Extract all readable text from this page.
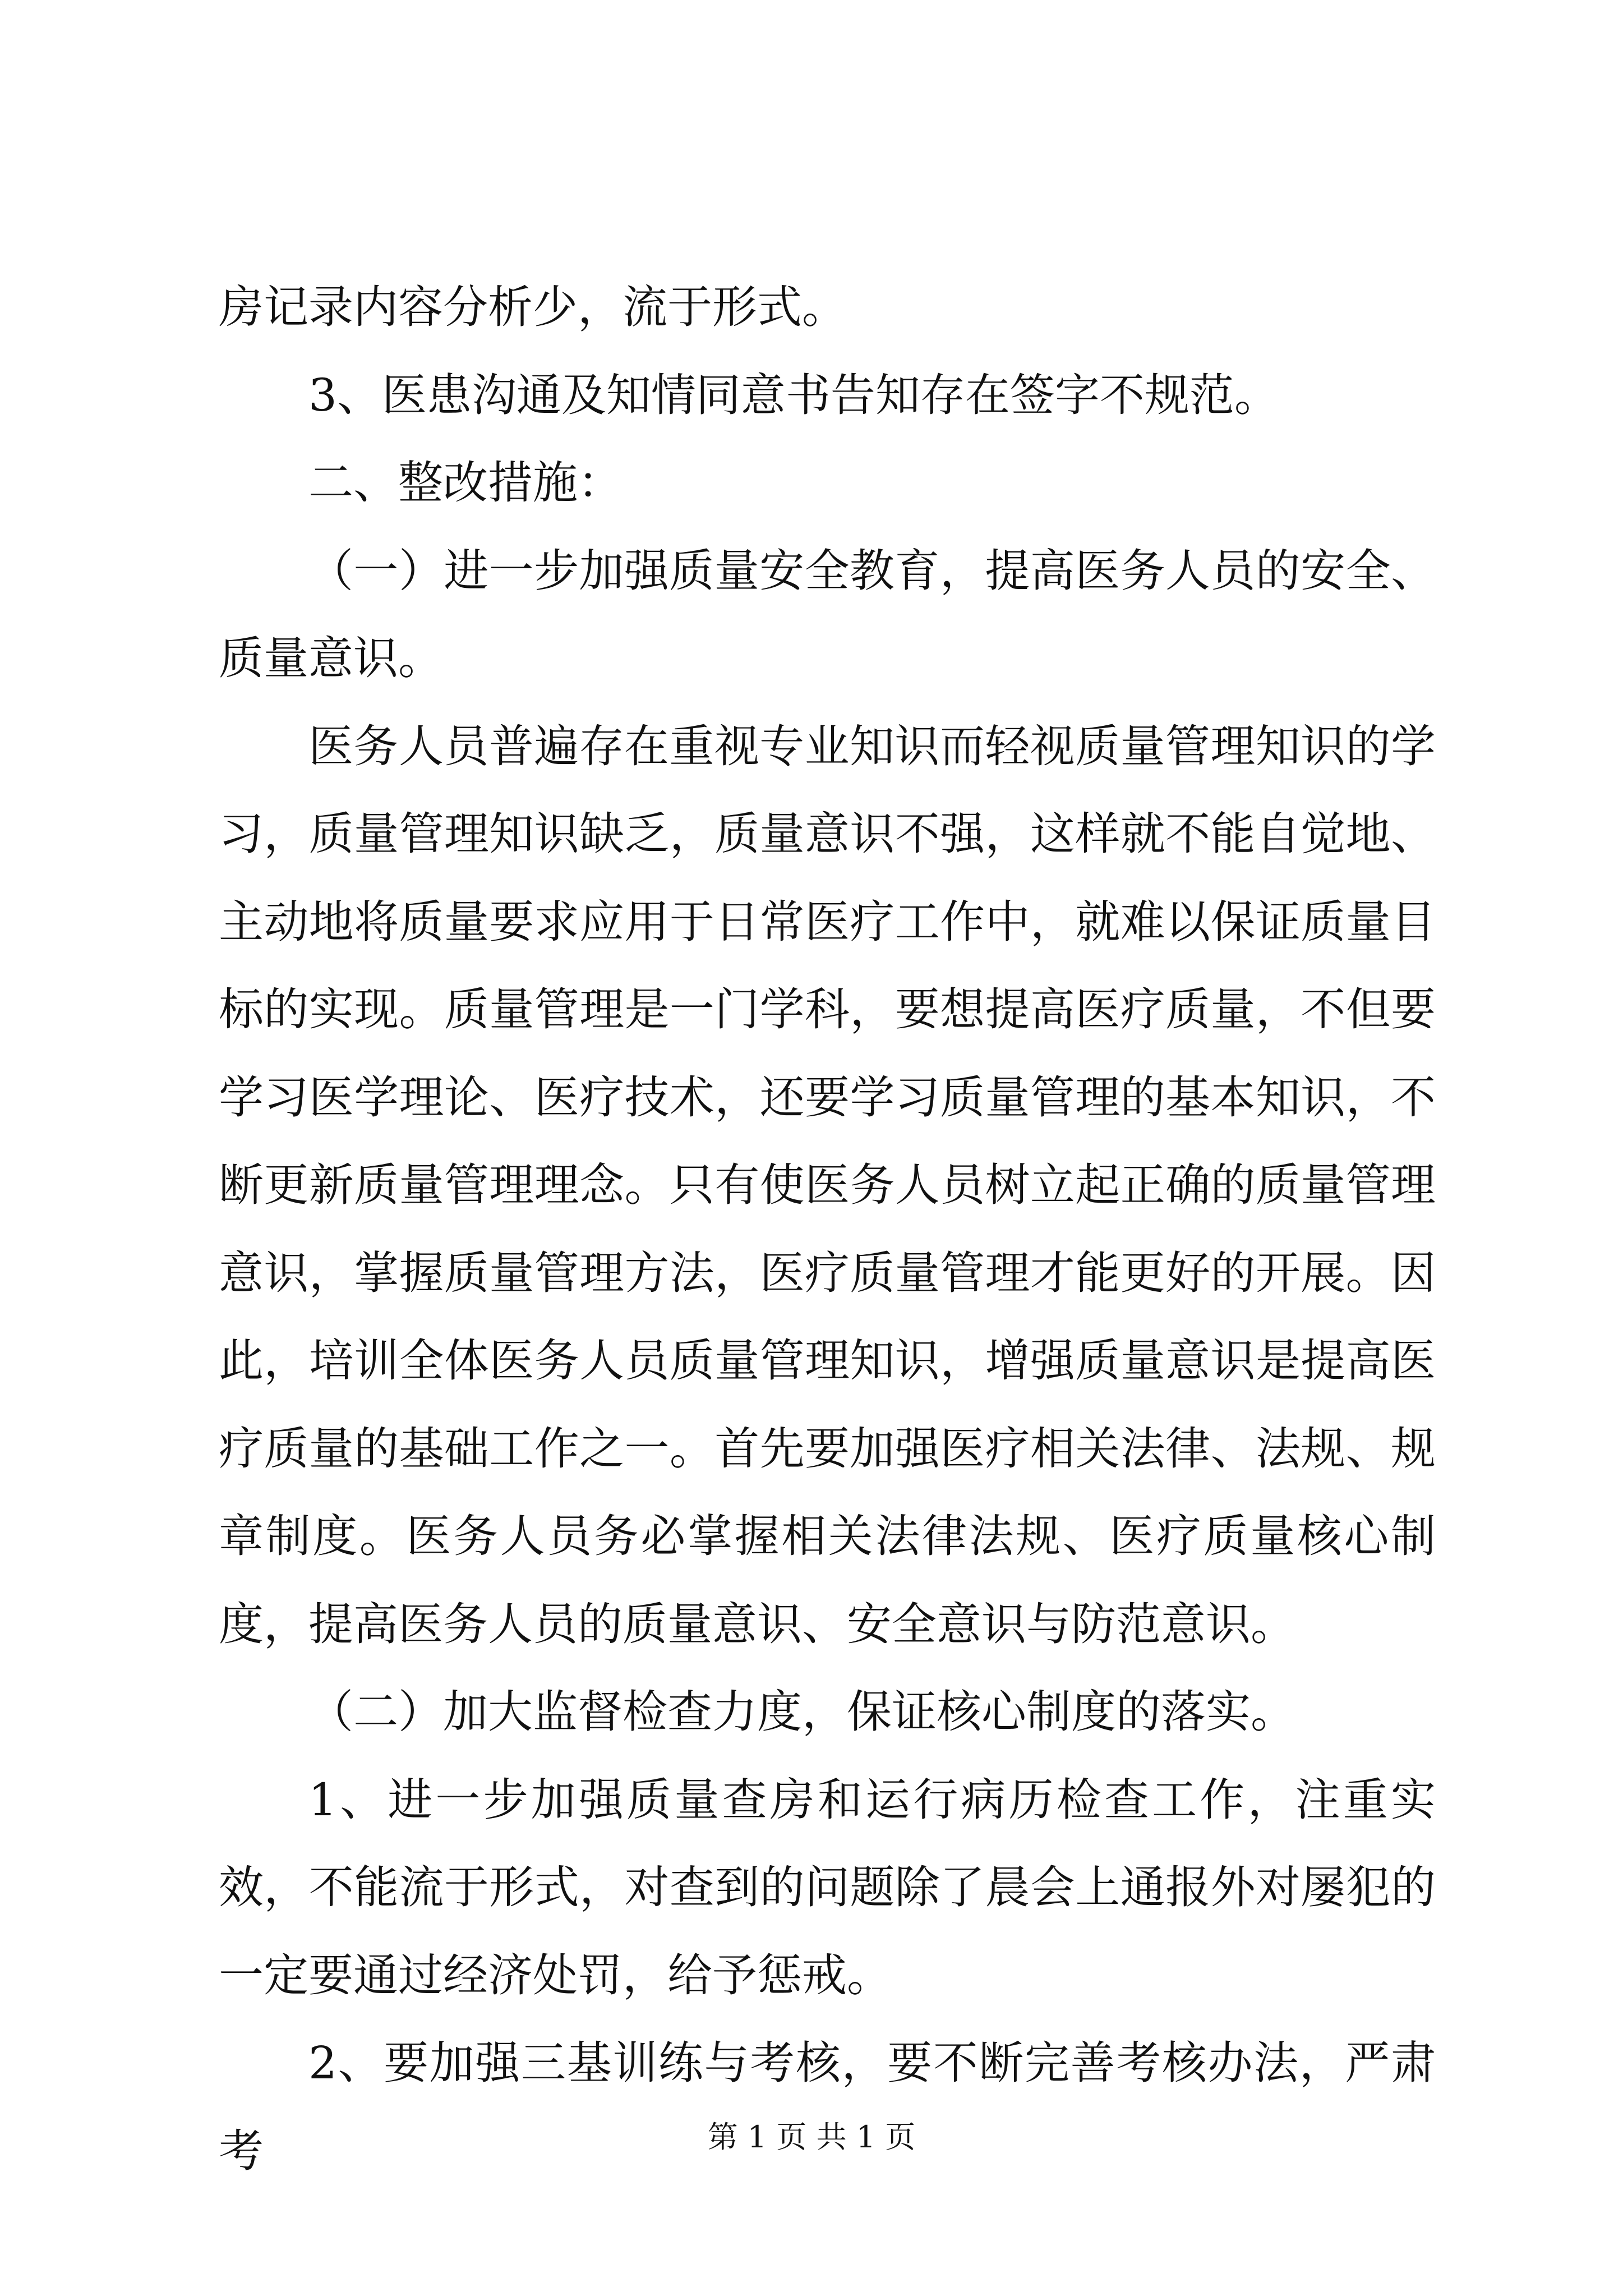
房记录内容分析少，流于形式。

3、医患沟通及知情同意书告知存在签字不规范。

二、整改措施：

（一）进一步加强质量安全教育，提高医务人员的安全、质量意识。

医务人员普遍存在重视专业知识而轻视质量管理知识的学习，质量管理知识缺乏，质量意识不强，这样就不能自觉地、主动地将质量要求应用于日常医疗工作中，就难以保证质量目标的实现。质量管理是一门学科，要想提高医疗质量，不但要学习医学理论、医疗技术，还要学习质量管理的基本知识，不断更新质量管理理念。只有使医务人员树立起正确的质量管理意识，掌握质量管理方法，医疗质量管理才能更好的开展。因此，培训全体医务人员质量管理知识，增强质量意识是提高医疗质量的基础工作之一。首先要加强医疗相关法律、法规、规章制度。医务人员务必掌握相关法律法规、医疗质量核心制度，提高医务人员的质量意识、安全意识与防范意识。

（二）加大监督检查力度，保证核心制度的落实。

1、进一步加强质量查房和运行病历检查工作，注重实效，不能流于形式，对查到的问题除了晨会上通报外对屡犯的一定要通过经济处罚，给予惩戒。

2、要加强三基训练与考核，要不断完善考核办法，严肃考	第 1 页 共 1 页
